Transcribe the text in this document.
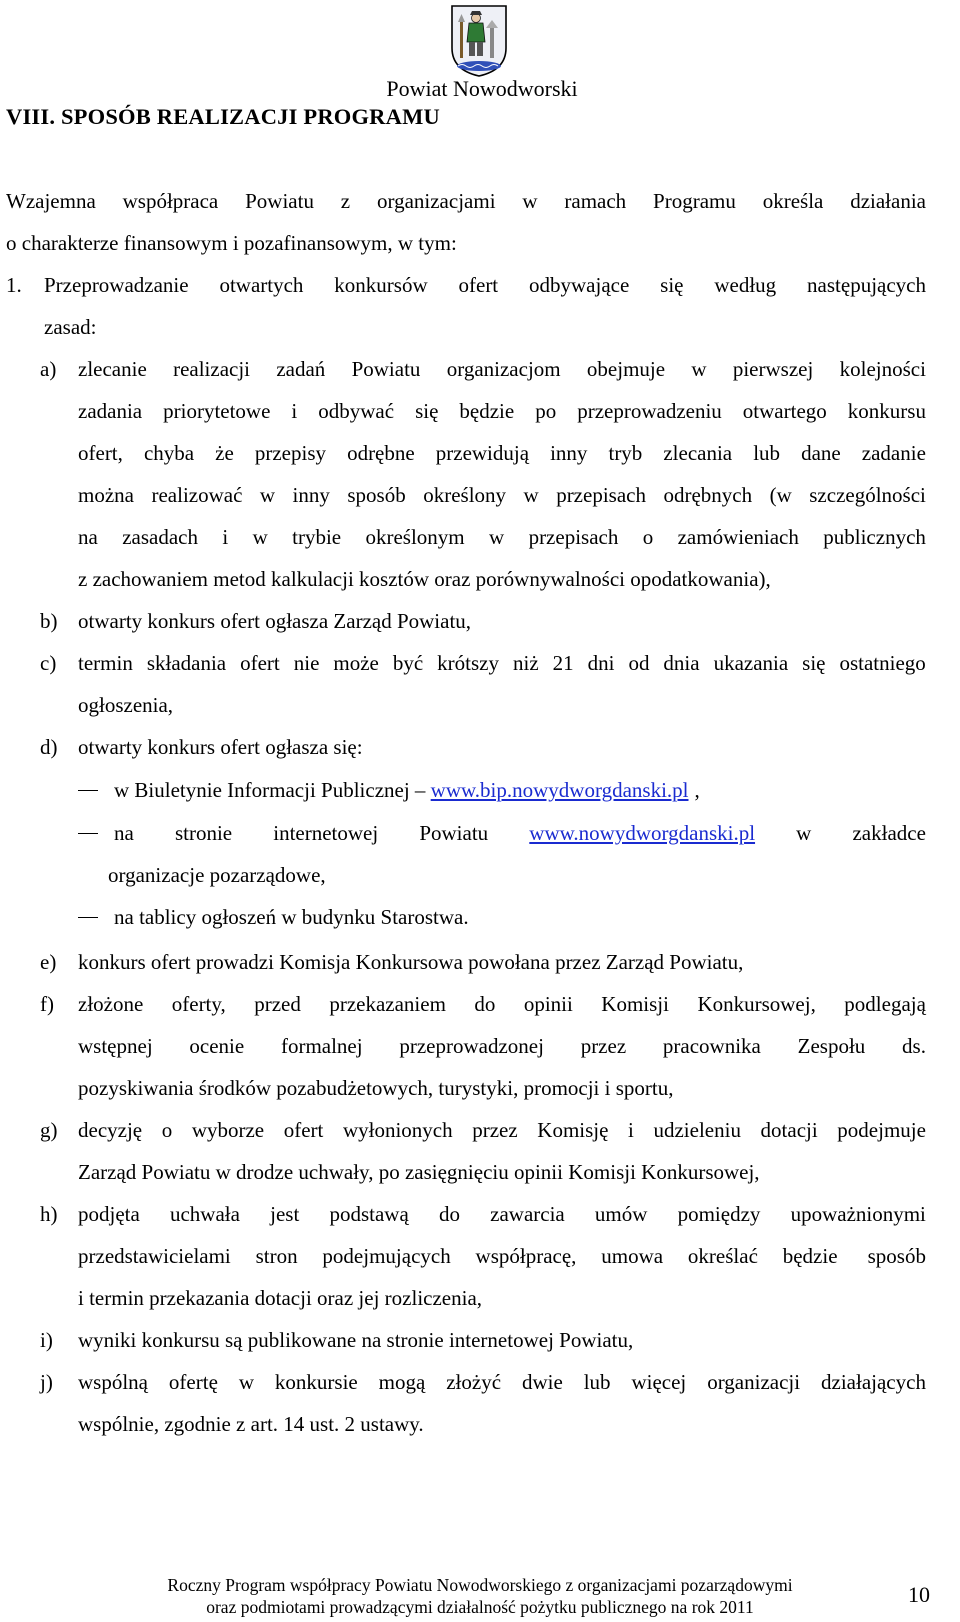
Powiat Nowodworski
VIII. SPOSÓB REALIZACJI PROGRAMU
Wzajemna współpraca Powiatu z organizacjami w ramach Programu określa działania
o charakterze finansowym i pozafinansowym, w tym:
1. Przeprowadzanie otwartych konkursów ofert odbywające się według następujących
zasad:
a) zlecanie realizacji zadań Powiatu organizacjom obejmuje w pierwszej kolejności
zadania priorytetowe i odbywać się będzie po przeprowadzeniu otwartego konkursu
ofert, chyba że przepisy odrębne przewidują inny tryb zlecania lub dane zadanie
można realizować w inny sposób określony w przepisach odrębnych (w szczególności
na zasadach i w trybie określonym w przepisach o zamówieniach publicznych
z zachowaniem metod kalkulacji kosztów oraz porównywalności opodatkowania),
b) otwarty konkurs ofert ogłasza Zarząd Powiatu,
c) termin składania ofert nie może być krótszy niż 21 dni od dnia ukazania się ostatniego
ogłoszenia,
d) otwarty konkurs ofert ogłasza się:
w Biuletynie Informacji Publicznej – www.bip.nowydworgdanski.pl ,
na stronie internetowej Powiatu www.nowydworgdanski.pl w zakładce
organizacje pozarządowe,
na tablicy ogłoszeń w budynku Starostwa.
e) konkurs ofert prowadzi Komisja Konkursowa powołana przez Zarząd Powiatu,
f) złożone oferty, przed przekazaniem do opinii Komisji Konkursowej, podlegają
wstępnej ocenie formalnej przeprowadzonej przez pracownika Zespołu ds.
pozyskiwania środków pozabudżetowych, turystyki, promocji i sportu,
g) decyzję o wyborze ofert wyłonionych przez Komisję i udzieleniu dotacji podejmuje
Zarząd Powiatu w drodze uchwały, po zasięgnięciu opinii Komisji Konkursowej,
h) podjęta uchwała jest podstawą do zawarcia umów pomiędzy upoważnionymi
przedstawicielami stron podejmujących współpracę, umowa określać będzie sposób
i termin przekazania dotacji oraz jej rozliczenia,
i) wyniki konkursu są publikowane na stronie internetowej Powiatu,
j) wspólną ofertę w konkursie mogą złożyć dwie lub więcej organizacji działających
wspólnie, zgodnie z art. 14 ust. 2 ustawy.
Roczny Program współpracy Powiatu Nowodworskiego z organizacjami pozarządowymi
oraz podmiotami prowadzącymi działalność pożytku publicznego na rok 2011	10
